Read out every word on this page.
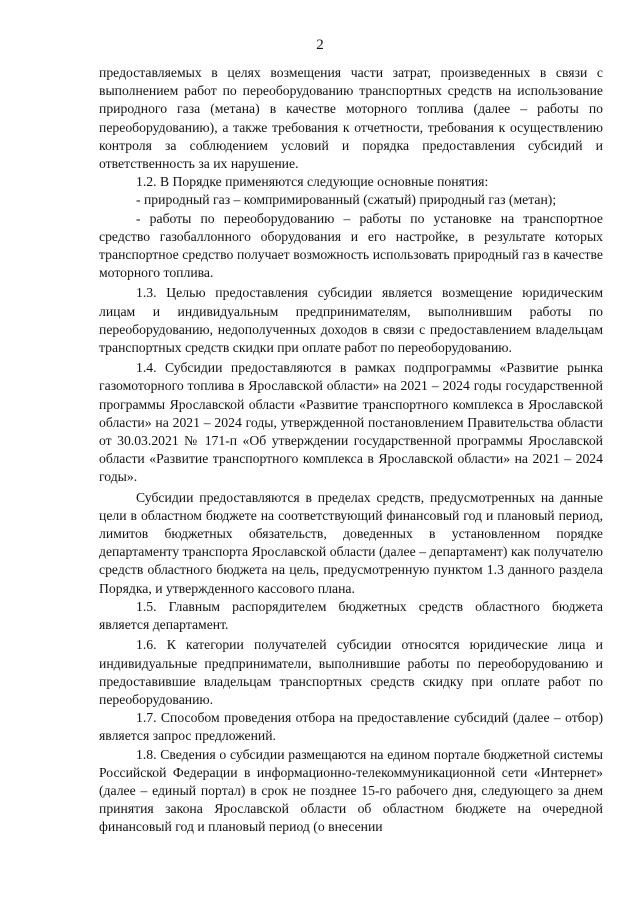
2

предоставляемых в целях возмещения части затрат, произведенных в связи с выполнением работ по переоборудованию транспортных средств на использование природного газа (метана) в качестве моторного топлива (далее – работы по переоборудованию), а также требования к отчетности, требования к осуществлению контроля за соблюдением условий и порядка предоставления субсидий и ответственность за их нарушение.

1.2. В Порядке применяются следующие основные понятия:

- природный газ – компримированный (сжатый) природный газ (метан);

- работы по переоборудованию – работы по установке на транспортное средство газобаллонного оборудования и его настройке, в результате которых транспортное средство получает возможность использовать природный газ в качестве моторного топлива.

1.3. Целью предоставления субсидии является возмещение юридическим лицам и индивидуальным предпринимателям, выполнившим работы по переоборудованию, недополученных доходов в связи с предоставлением владельцам транспортных средств скидки при оплате работ по переоборудованию.

1.4. Субсидии предоставляются в рамках подпрограммы «Развитие рынка газомоторного топлива в Ярославской области» на 2021 – 2024 годы государственной программы Ярославской области «Развитие транспортного комплекса в Ярославской области» на 2021 – 2024 годы, утвержденной постановлением Правительства области от 30.03.2021 № 171-п «Об утверждении государственной программы Ярославской области «Развитие транспортного комплекса в Ярославской области» на 2021 – 2024 годы».

Субсидии предоставляются в пределах средств, предусмотренных на данные цели в областном бюджете на соответствующий финансовый год и плановый период, лимитов бюджетных обязательств, доведенных в установленном порядке департаменту транспорта Ярославской области (далее – департамент) как получателю средств областного бюджета на цель, предусмотренную пунктом 1.3 данного раздела Порядка, и утвержденного кассового плана.

1.5. Главным распорядителем бюджетных средств областного бюджета является департамент.

1.6. К категории получателей субсидии относятся юридические лица и индивидуальные предприниматели, выполнившие работы по переоборудованию и предоставившие владельцам транспортных средств скидку при оплате работ по переоборудованию.

1.7. Способом проведения отбора на предоставление субсидий (далее – отбор) является запрос предложений.

1.8. Сведения о субсидии размещаются на едином портале бюджетной системы Российской Федерации в информационно-телекоммуникационной сети «Интернет» (далее – единый портал) в срок не позднее 15-го рабочего дня, следующего за днем принятия закона Ярославской области об областном бюджете на очередной финансовый год и плановый период (о внесении
